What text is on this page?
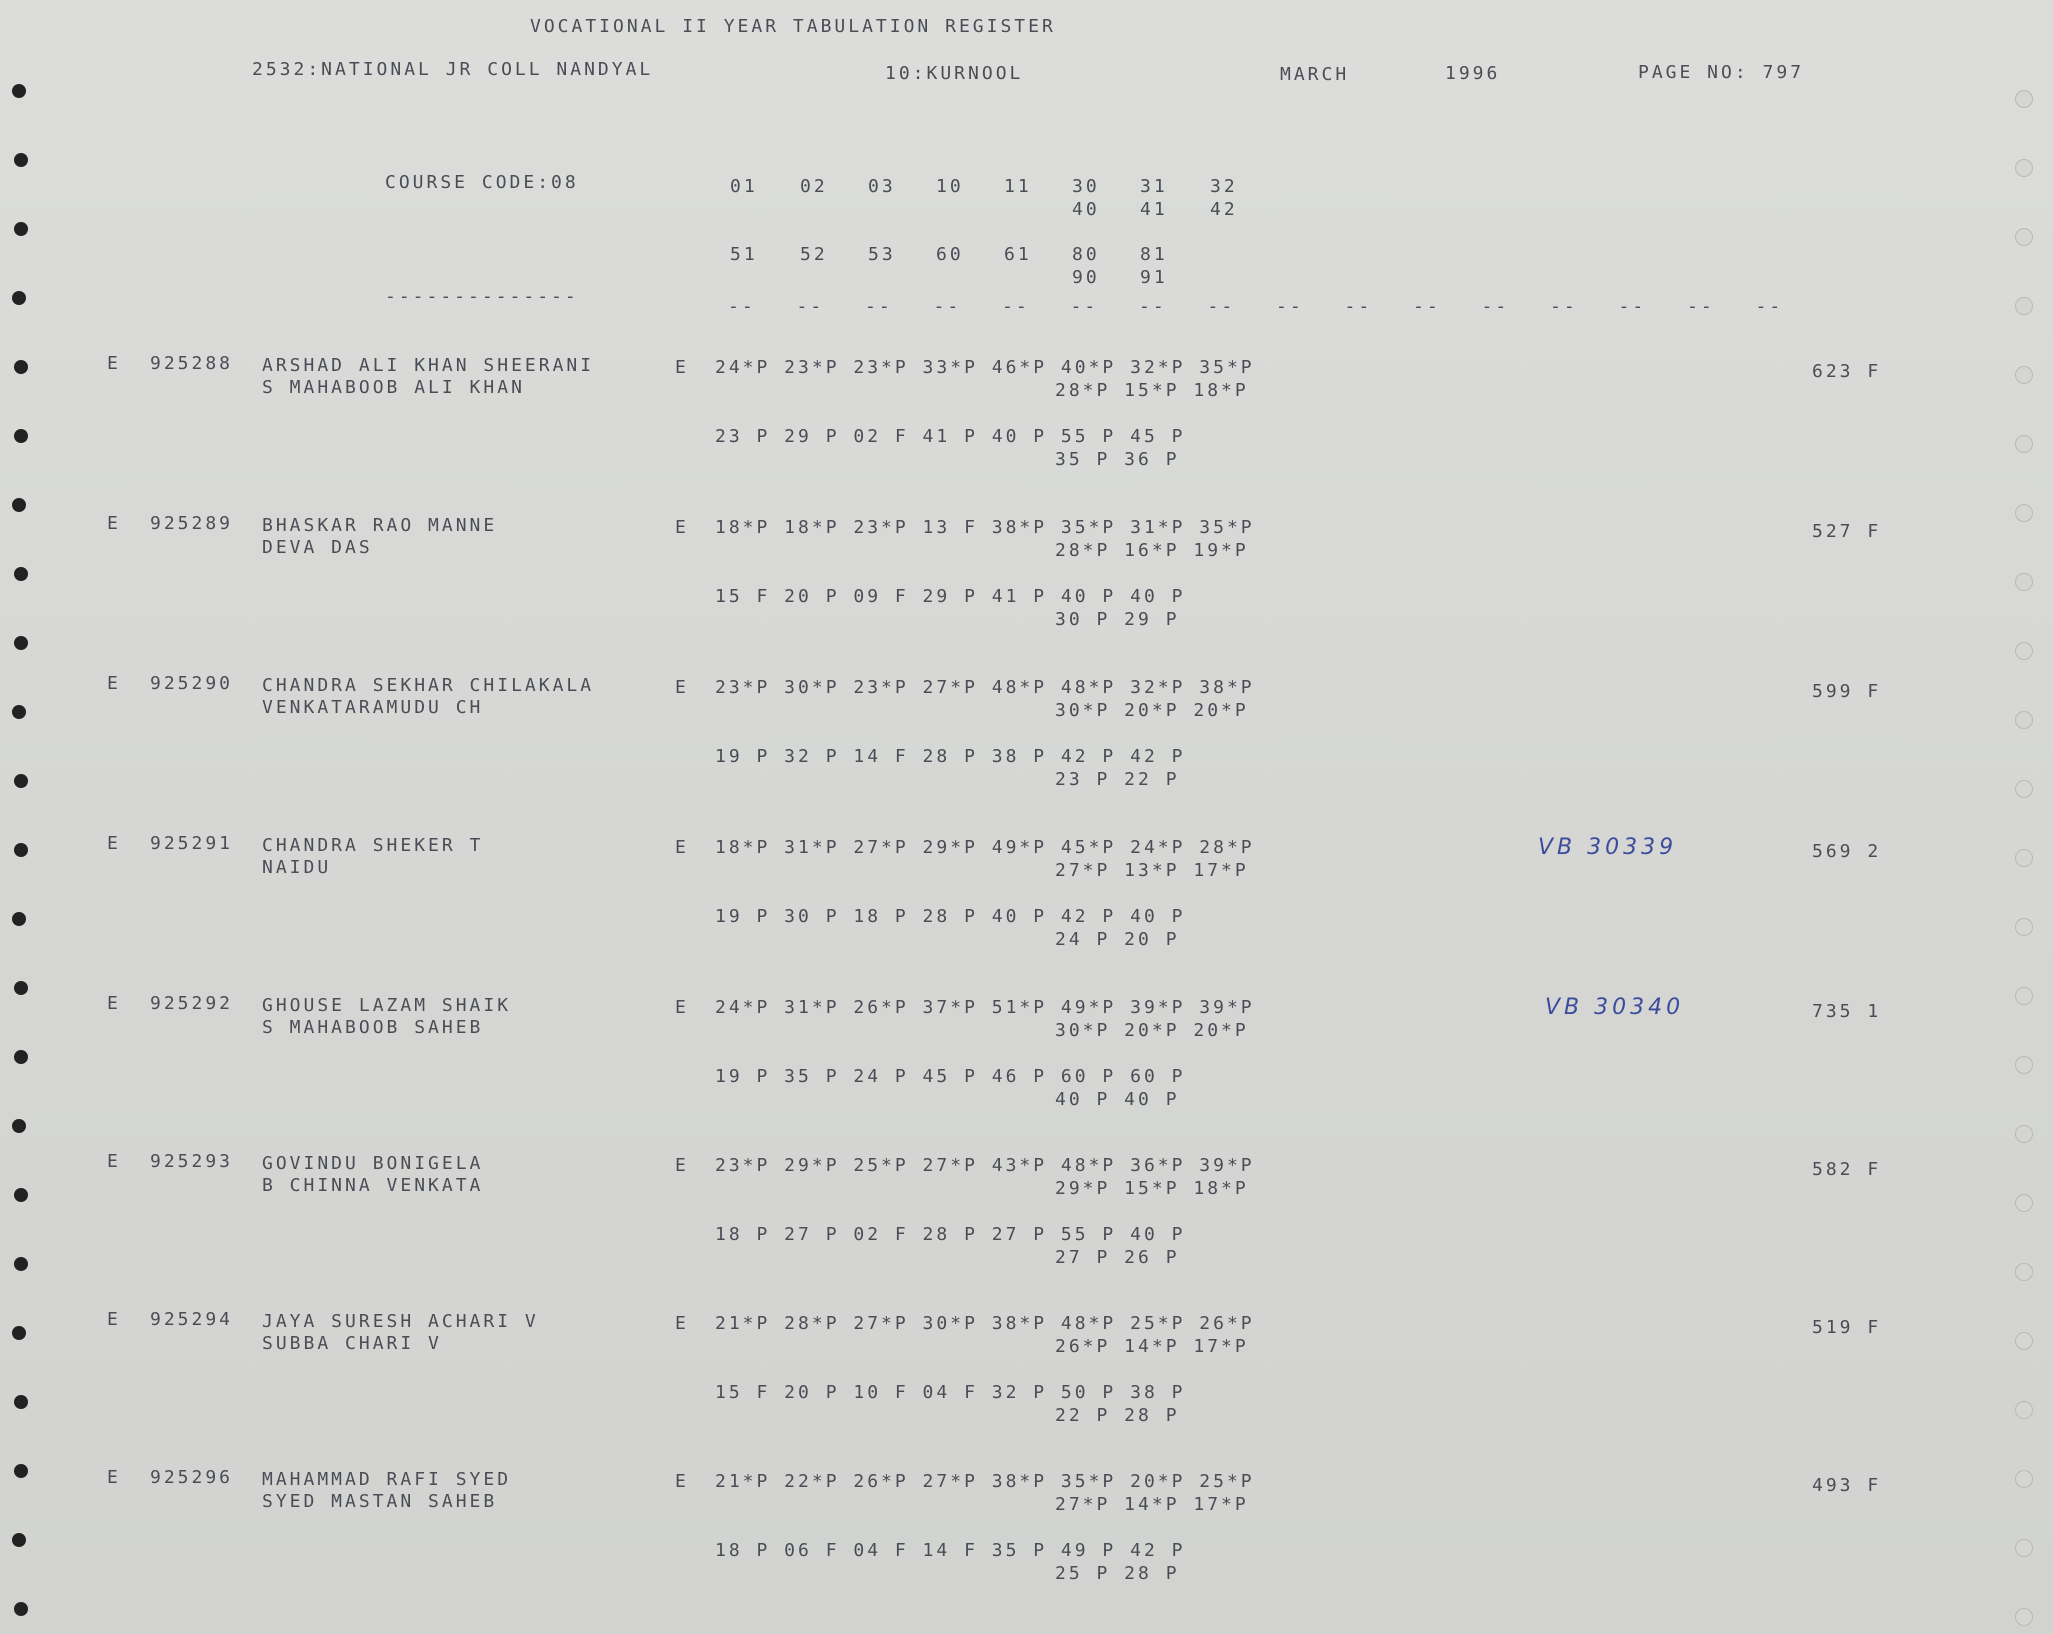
VOCATIONAL II YEAR TABULATION REGISTER
2532:NATIONAL JR COLL NANDYAL	10:KURNOOL	MARCH	1996	PAGE NO: 797
COURSE CODE:08
--------------
01 02 03 10 11 30 31 32
40 41 42
51 52 53 60 61 80 81
90 91
-- -- -- -- -- -- -- -- -- -- -- -- -- -- -- --
E 925288 ARSHAD ALI KHAN SHEERANI
S MAHABOOB ALI KHAN
E 24*P 23*P 23*P 33*P 46*P 40*P 32*P 35*P
28*P 15*P 18*P
23 P 29 P 02 F 41 P 40 P 55 P 45 P
35 P 36 P
623 F
E 925289 BHASKAR RAO MANNE
DEVA DAS
E 18*P 18*P 23*P 13 F 38*P 35*P 31*P 35*P
28*P 16*P 19*P
15 F 20 P 09 F 29 P 41 P 40 P 40 P
30 P 29 P
527 F
E 925290 CHANDRA SEKHAR CHILAKALA
VENKATARAMUDU CH
E 23*P 30*P 23*P 27*P 48*P 48*P 32*P 38*P
30*P 20*P 20*P
19 P 32 P 14 F 28 P 38 P 42 P 42 P
23 P 22 P
599 F
E 925291 CHANDRA SHEKER T
NAIDU
E 18*P 31*P 27*P 29*P 49*P 45*P 24*P 28*P
27*P 13*P 17*P
19 P 30 P 18 P 28 P 40 P 42 P 40 P
24 P 20 P
569 2
VB 30339
E 925292 GHOUSE LAZAM SHAIK
S MAHABOOB SAHEB
E 24*P 31*P 26*P 37*P 51*P 49*P 39*P 39*P
30*P 20*P 20*P
19 P 35 P 24 P 45 P 46 P 60 P 60 P
40 P 40 P
735 1
VB 30340
E 925293 GOVINDU BONIGELA
B CHINNA VENKATA
E 23*P 29*P 25*P 27*P 43*P 48*P 36*P 39*P
29*P 15*P 18*P
18 P 27 P 02 F 28 P 27 P 55 P 40 P
27 P 26 P
582 F
E 925294 JAYA SURESH ACHARI V
SUBBA CHARI V
E 21*P 28*P 27*P 30*P 38*P 48*P 25*P 26*P
26*P 14*P 17*P
15 F 20 P 10 F 04 F 32 P 50 P 38 P
22 P 28 P
519 F
E 925296 MAHAMMAD RAFI SYED
SYED MASTAN SAHEB
E 21*P 22*P 26*P 27*P 38*P 35*P 20*P 25*P
27*P 14*P 17*P
18 P 06 F 04 F 14 F 35 P 49 P 42 P
25 P 28 P
493 F
